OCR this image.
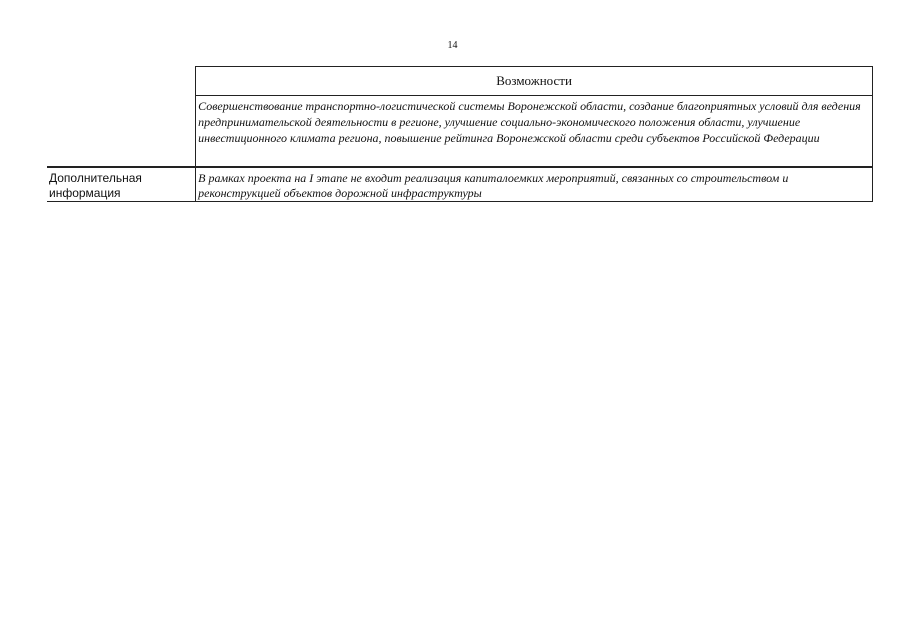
14
	Возможности
	Совершенствование транспортно-логистической системы Воронежской области, создание благоприятных условий для ведения предпринимательской деятельности в регионе, улучшение социально-экономического положения области, улучшение инвестиционного климата региона, повышение рейтинга Воронежской области среди субъектов Российской Федерации
Дополнительная информация	В рамках проекта на I этапе не входит реализация капиталоемких мероприятий, связанных со строительством и реконструкцией объектов дорожной инфраструктуры
